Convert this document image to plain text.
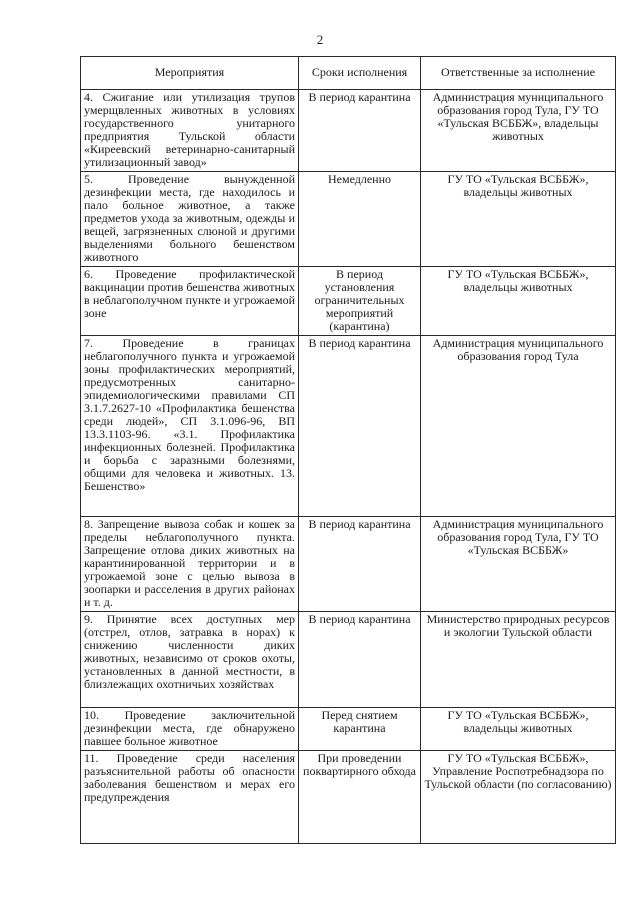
2
Мероприятия	Сроки исполнения	Ответственные за исполнение
4. Сжигание или утилизация трупов умерщвленных животных в условиях государственного унитарного предприятия Тульской области «Киреевский ветеринарно-санитарный утилизационный завод»	В период карантина	Администрация муниципального образования город Тула, ГУ ТО «Тульская ВСББЖ», владельцы животных
5. Проведение вынужденной дезинфекции места, где находилось и пало больное животное, а также предметов ухода за животным, одежды и вещей, загрязненных слюной и другими выделениями больного бешенством животного	Немедленно	ГУ ТО «Тульская ВСББЖ», владельцы животных
6. Проведение профилактической вакцинации против бешенства животных в неблагополучном пункте и угрожаемой зоне	В период установления ограничительных мероприятий (карантина)	ГУ ТО «Тульская ВСББЖ», владельцы животных
7. Проведение в границах неблагополучного пункта и угрожаемой зоны профилактических мероприятий, предусмотренных санитарно-эпидемиологическими правилами СП 3.1.7.2627-10 «Профилактика бешенства среди людей», СП 3.1.096-96, ВП 13.3.1103-96. «3.1. Профилактика инфекционных болезней. Профилактика и борьба с заразными болезнями, общими для человека и животных. 13. Бешенство»	В период карантина	Администрация муниципального образования город Тула
8. Запрещение вывоза собак и кошек за пределы неблагополучного пункта. Запрещение отлова диких животных на карантинированной территории и в угрожаемой зоне с целью вывоза в зоопарки и расселения в других районах и т. д.	В период карантина	Администрация муниципального образования город Тула, ГУ ТО «Тульская ВСББЖ»
9. Принятие всех доступных мер (отстрел, отлов, затравка в норах) к снижению численности диких животных, независимо от сроков охоты, установленных в данной местности, в близлежащих охотничьих хозяйствах	В период карантина	Министерство природных ресурсов и экологии Тульской области
10. Проведение заключительной дезинфекции места, где обнаружено павшее больное животное	Перед снятием карантина	ГУ ТО «Тульская ВСББЖ», владельцы животных
11. Проведение среди населения разъяснительной работы об опасности заболевания бешенством и мерах его предупреждения	При проведении поквартирного обхода	ГУ ТО «Тульская ВСББЖ», Управление Роспотребнадзора по Тульской области (по согласованию)
